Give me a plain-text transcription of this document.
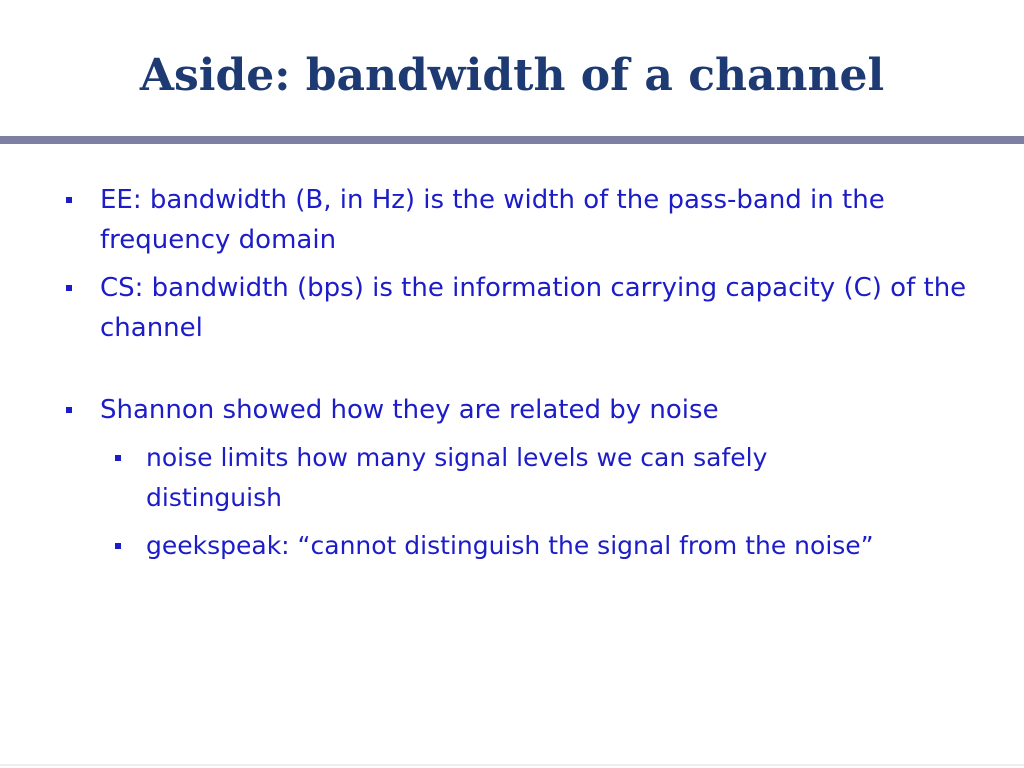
Aside: bandwidth of a channel
EE: bandwidth (B, in Hz) is the width of the pass-band in the frequency domain
CS: bandwidth (bps) is the information carrying capacity (C) of the channel
Shannon showed how they are related by noise
noise limits how many signal levels we can safely distinguish
geekspeak: “cannot distinguish the signal from the noise”
